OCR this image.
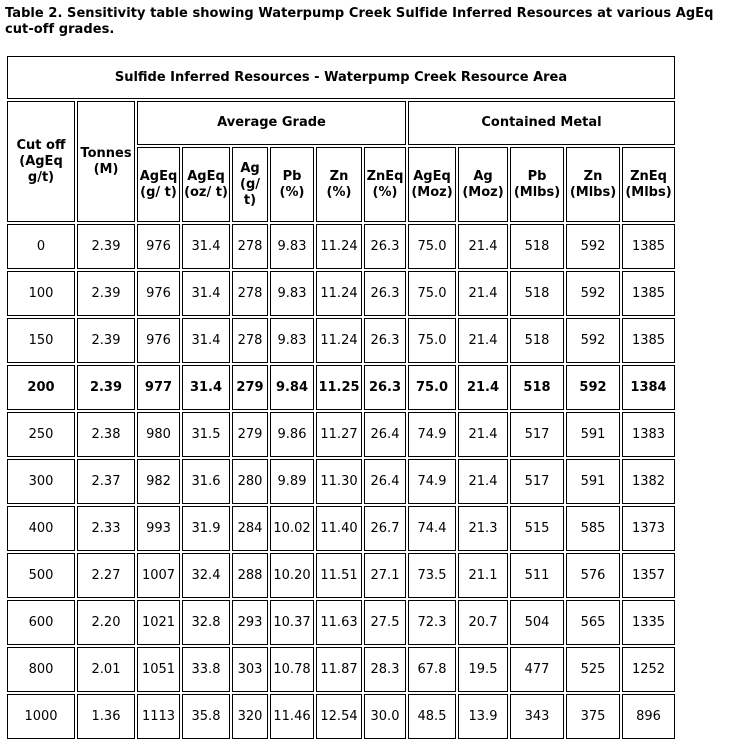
Table 2. Sensitivity table showing Waterpump Creek Sulfide Inferred Resources at various AgEq cut-off grades.
Sulfide Inferred Resources - Waterpump Creek Resource Area												
Cut off (AgEq g/t)	Tonnes (M)	Average Grade						Contained Metal				
		AgEq (g/ t)	AgEq (oz/ t)	Ag (g/ t)	Pb (%)	Zn (%)	ZnEq (%)	AgEq (Moz)	Ag (Moz)	Pb (Mlbs)	Zn (Mlbs)	ZnEq (Mlbs)
0	2.39	976	31.4	278	9.83	11.24	26.3	75.0	21.4	518	592	1385
100	2.39	976	31.4	278	9.83	11.24	26.3	75.0	21.4	518	592	1385
150	2.39	976	31.4	278	9.83	11.24	26.3	75.0	21.4	518	592	1385
200	2.39	977	31.4	279	9.84	11.25	26.3	75.0	21.4	518	592	1384
250	2.38	980	31.5	279	9.86	11.27	26.4	74.9	21.4	517	591	1383
300	2.37	982	31.6	280	9.89	11.30	26.4	74.9	21.4	517	591	1382
400	2.33	993	31.9	284	10.02	11.40	26.7	74.4	21.3	515	585	1373
500	2.27	1007	32.4	288	10.20	11.51	27.1	73.5	21.1	511	576	1357
600	2.20	1021	32.8	293	10.37	11.63	27.5	72.3	20.7	504	565	1335
800	2.01	1051	33.8	303	10.78	11.87	28.3	67.8	19.5	477	525	1252
1000	1.36	1113	35.8	320	11.46	12.54	30.0	48.5	13.9	343	375	896
